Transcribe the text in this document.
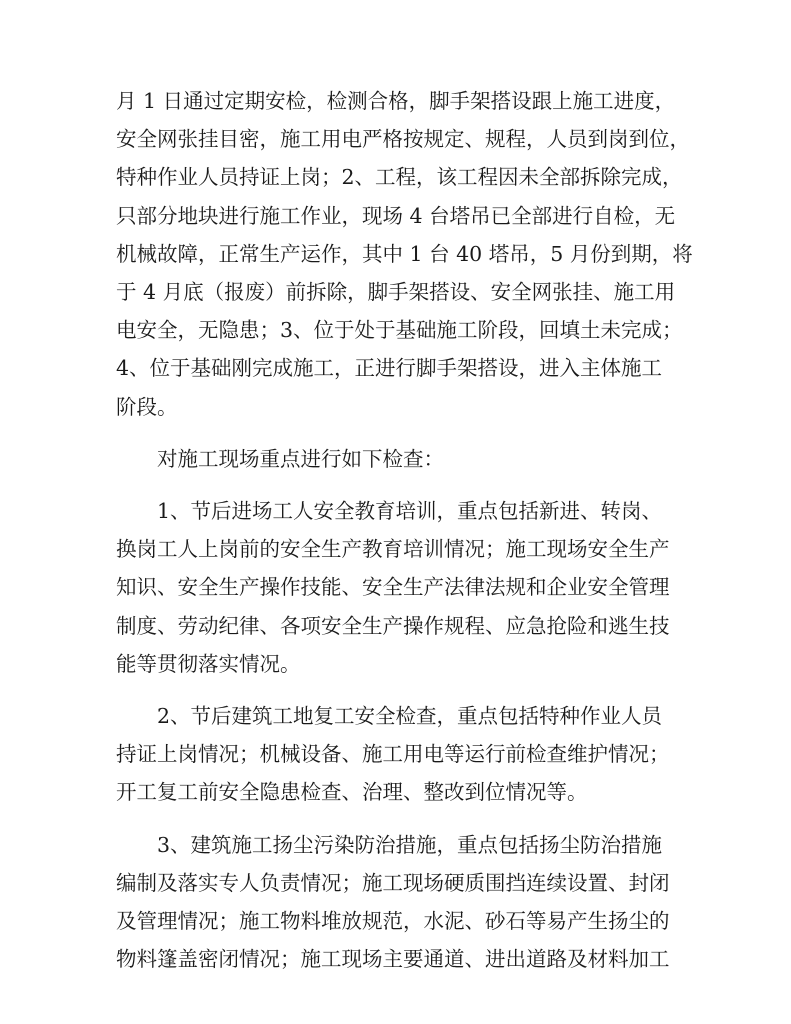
月 1 日通过定期安检，检测合格，脚手架搭设跟上施工进度，
安全网张挂目密，施工用电严格按规定、规程，人员到岗到位，
特种作业人员持证上岗；2、工程，该工程因未全部拆除完成，
只部分地块进行施工作业，现场 4 台塔吊已全部进行自检，无
机械故障，正常生产运作，其中 1 台 40 塔吊，5 月份到期，将
于 4 月底（报废）前拆除，脚手架搭设、安全网张挂、施工用
电安全，无隐患；3、位于处于基础施工阶段，回填土未完成；
4、位于基础刚完成施工，正进行脚手架搭设，进入主体施工
阶段。

对施工现场重点进行如下检查：

1、节后进场工人安全教育培训，重点包括新进、转岗、
换岗工人上岗前的安全生产教育培训情况；施工现场安全生产
知识、安全生产操作技能、安全生产法律法规和企业安全管理
制度、劳动纪律、各项安全生产操作规程、应急抢险和逃生技
能等贯彻落实情况。

2、节后建筑工地复工安全检查，重点包括特种作业人员
持证上岗情况；机械设备、施工用电等运行前检查维护情况；
开工复工前安全隐患检查、治理、整改到位情况等。

3、建筑施工扬尘污染防治措施，重点包括扬尘防治措施
编制及落实专人负责情况；施工现场硬质围挡连续设置、封闭
及管理情况；施工物料堆放规范，水泥、砂石等易产生扬尘的
物料篷盖密闭情况；施工现场主要通道、进出道路及材料加工
